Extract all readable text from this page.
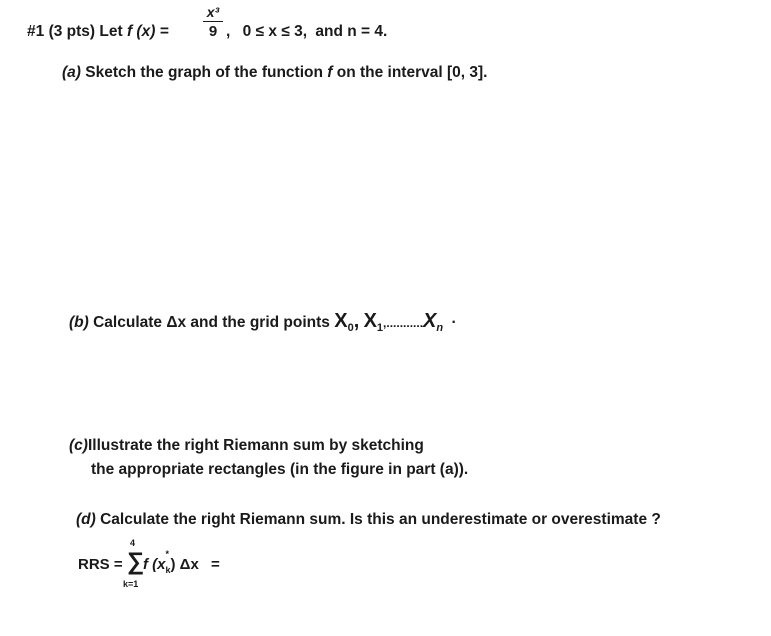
#1 (3 pts) Let f (x) =
x³
9 , 0 ≤ x ≤ 3, and n = 4.
(a) Sketch the graph of the function f on the interval [0, 3].
(b) Calculate Δx and the grid points $X_0$, $X_1,...........X_n$ ·
(c)Illustrate the right Riemann sum by sketching
the appropriate rectangles (in the figure in part (a)).
(d) Calculate the right Riemann sum. Is this an underestimate or overestimate ?
RRS =
4
∑
k=1
f (x
*
$_k$) Δx =
